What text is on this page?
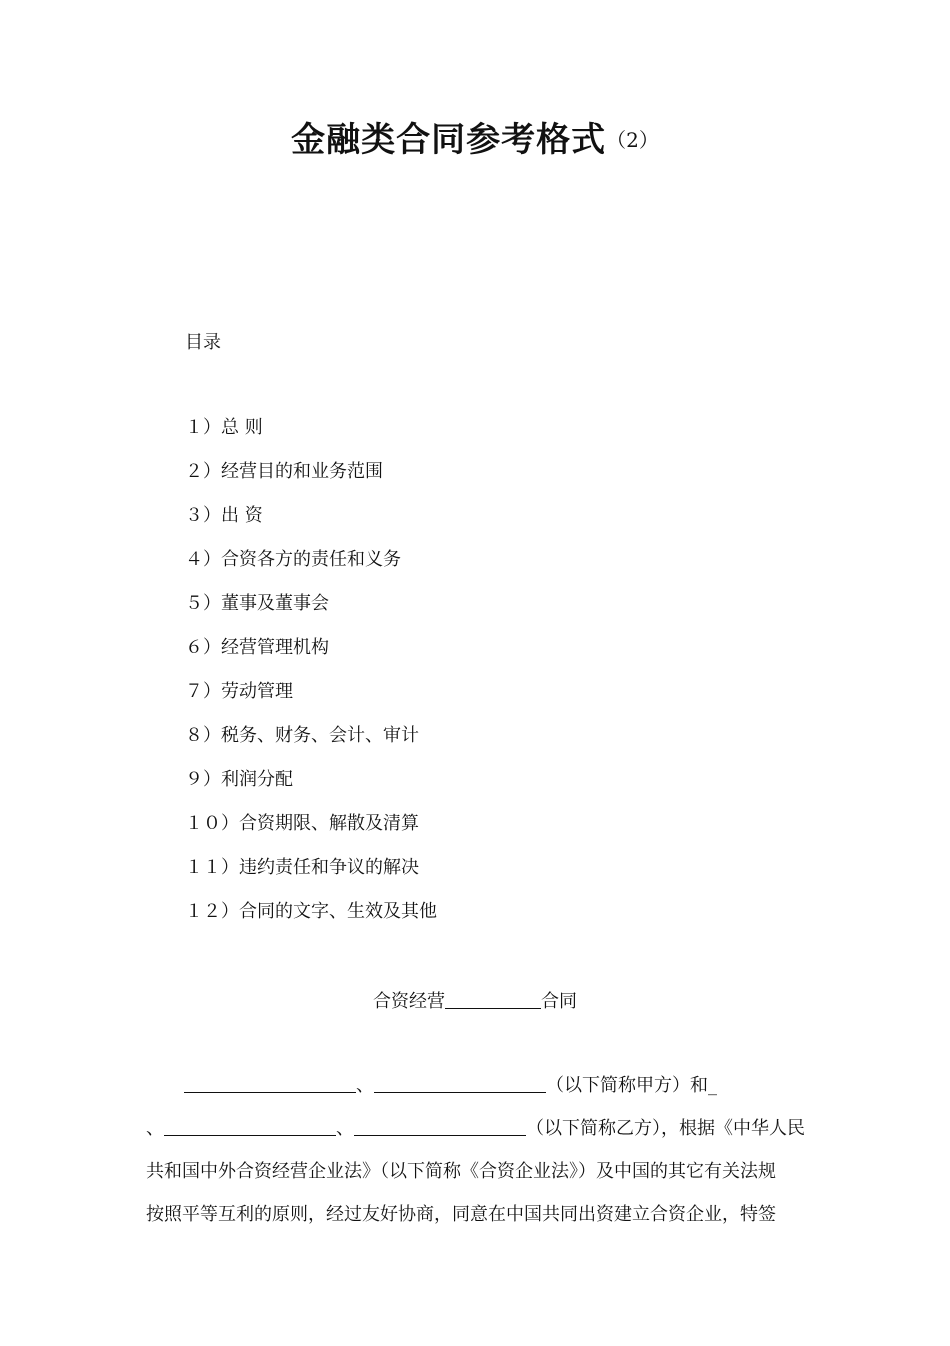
金融类合同参考格式（2）
目录
１）总 则
２）经营目的和业务范围
３）出 资
４）合资各方的责任和义务
５）董事及董事会
６）经营管理机构
７）劳动管理
８）税务、财务、会计、审计
９）利润分配
１０）合资期限、解散及清算
１１）违约责任和争议的解决
１２）合同的文字、生效及其他
合资经营	合同
、	（以下简称甲方）和_
、	、	（以下简称乙方），根据《中华人民
共和国中外合资经营企业法》（以下简称《合资企业法》）及中国的其它有关法规
按照平等互利的原则，经过友好协商，同意在中国共同出资建立合资企业，特签
